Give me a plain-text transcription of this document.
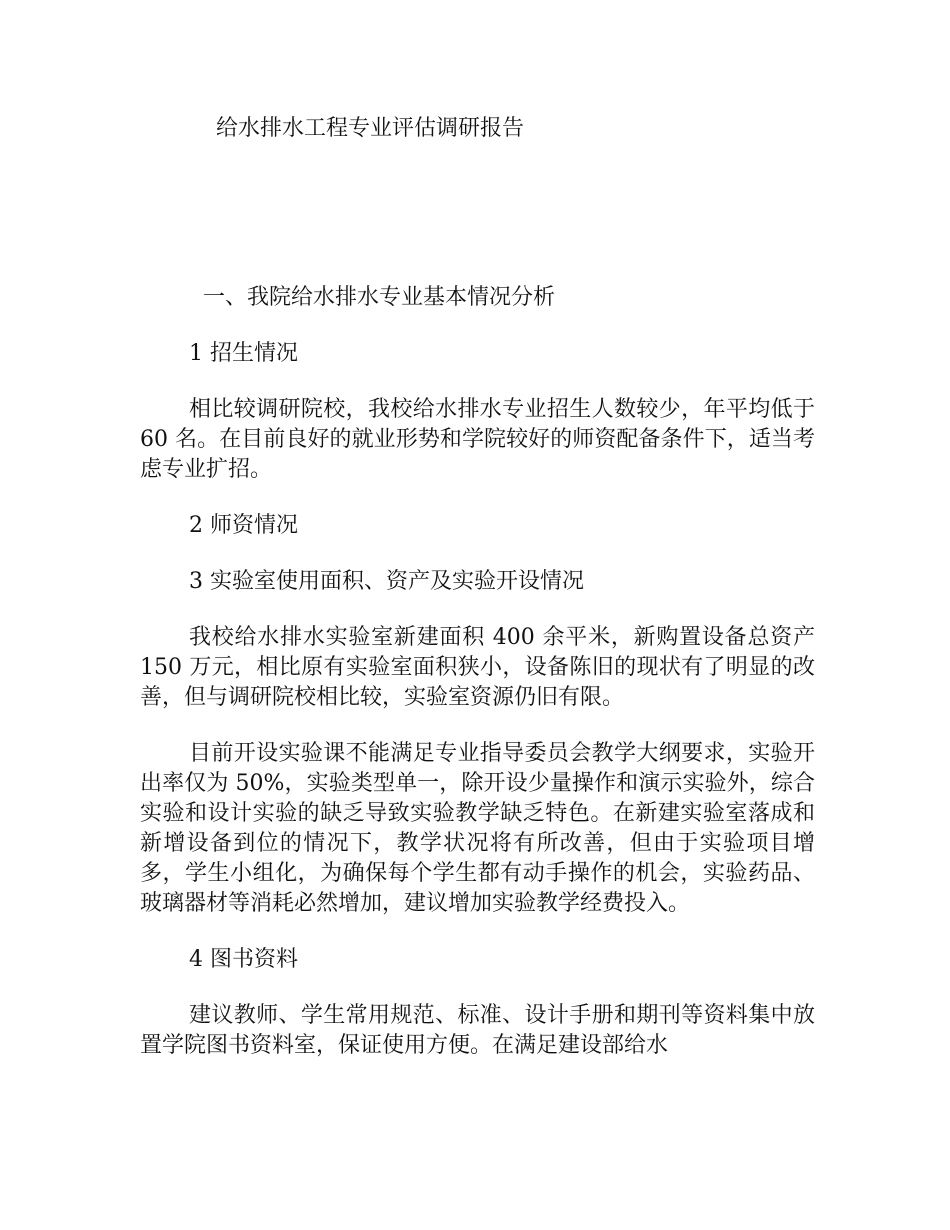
给水排水工程专业评估调研报告
一、我院给水排水专业基本情况分析

1 招生情况

相比较调研院校，我校给水排水专业招生人数较少，年平均低于 60 名。在目前良好的就业形势和学院较好的师资配备条件下，适当考虑专业扩招。

2 师资情况

3 实验室使用面积、资产及实验开设情况

我校给水排水实验室新建面积 400 余平米，新购置设备总资产 150 万元，相比原有实验室面积狭小，设备陈旧的现状有了明显的改善，但与调研院校相比较，实验室资源仍旧有限。

目前开设实验课不能满足专业指导委员会教学大纲要求，实验开出率仅为 50%，实验类型单一，除开设少量操作和演示实验外，综合实验和设计实验的缺乏导致实验教学缺乏特色。在新建实验室落成和新增设备到位的情况下，教学状况将有所改善，但由于实验项目增多，学生小组化，为确保每个学生都有动手操作的机会，实验药品、玻璃器材等消耗必然增加，建议增加实验教学经费投入。

4 图书资料

建议教师、学生常用规范、标准、设计手册和期刊等资料集中放置学院图书资料室，保证使用方便。在满足建设部给水
